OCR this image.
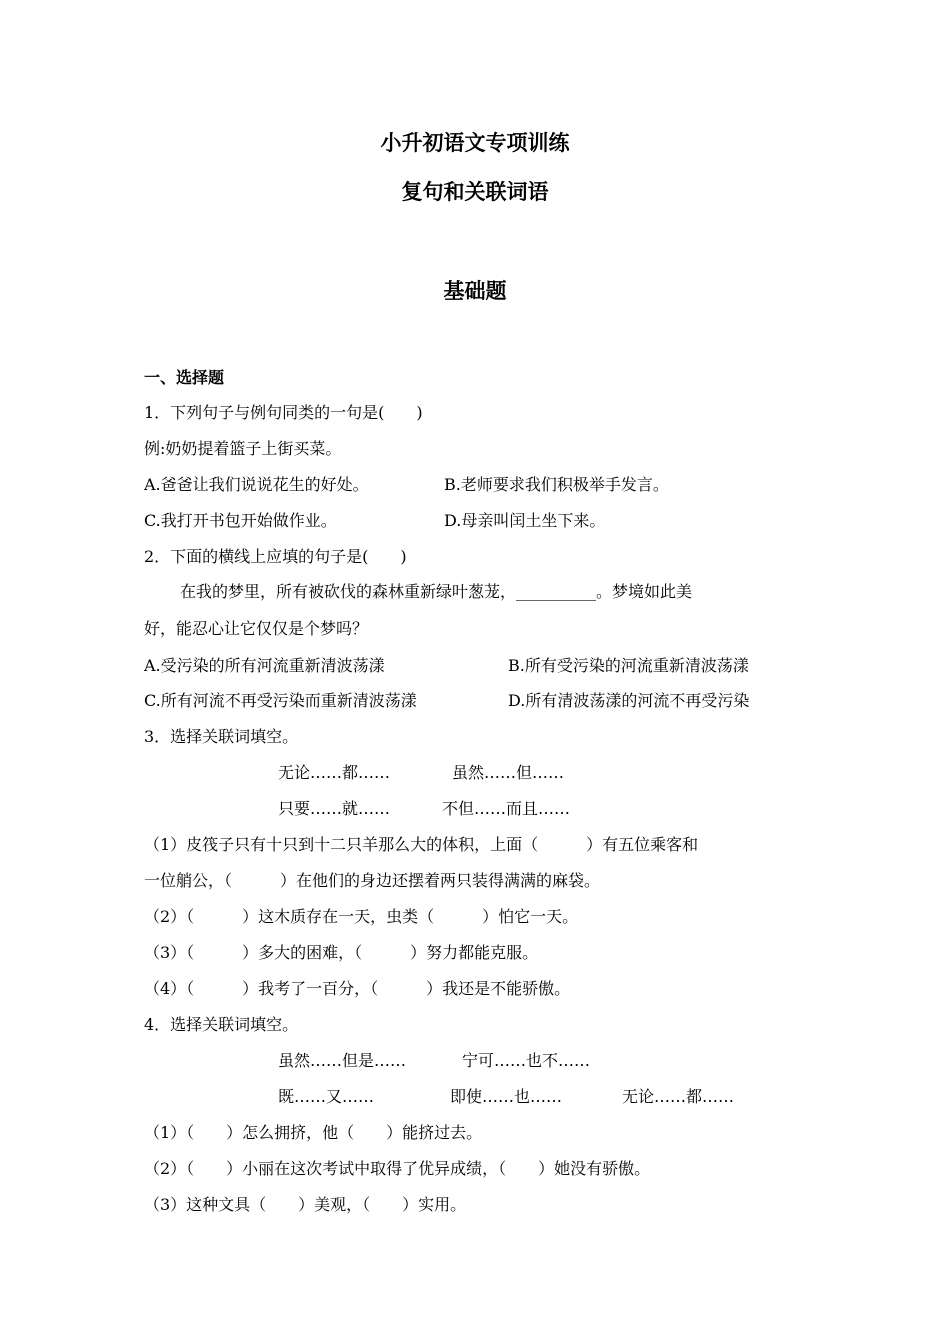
小升初语文专项训练
复句和关联词语
基础题
一、选择题
1．下列句子与例句同类的一句是(　　)
例:奶奶提着篮子上街买菜。
A.爸爸让我们说说花生的好处。	B.老师要求我们积极举手发言。
C.我打开书包开始做作业。	D.母亲叫闰土坐下来。
2．下面的横线上应填的句子是(　　)
在我的梦里，所有被砍伐的森林重新绿叶葱茏，__________。梦境如此美
好，能忍心让它仅仅是个梦吗？
A.受污染的所有河流重新清波荡漾	B.所有受污染的河流重新清波荡漾
C.所有河流不再受污染而重新清波荡漾	D.所有清波荡漾的河流不再受污染
3．选择关联词填空。
无论……都……	虽然……但……
只要……就……	不但……而且……
（1）皮筏子只有十只到十二只羊那么大的体积，上面（　　　）有五位乘客和
一位艄公，（　　　）在他们的身边还摆着两只装得满满的麻袋。
（2）（　　　）这木质存在一天，虫类（　　　）怕它一天。
（3）（　　　）多大的困难，（　　　）努力都能克服。
（4）（　　　）我考了一百分，（　　　）我还是不能骄傲。
4．选择关联词填空。
虽然……但是……	宁可……也不……
既……又……	即使……也……	无论……都……
（1）（　　）怎么拥挤，他（　　）能挤过去。
（2）（　　）小丽在这次考试中取得了优异成绩，（　　）她没有骄傲。
（3）这种文具（　　）美观，（　　）实用。
